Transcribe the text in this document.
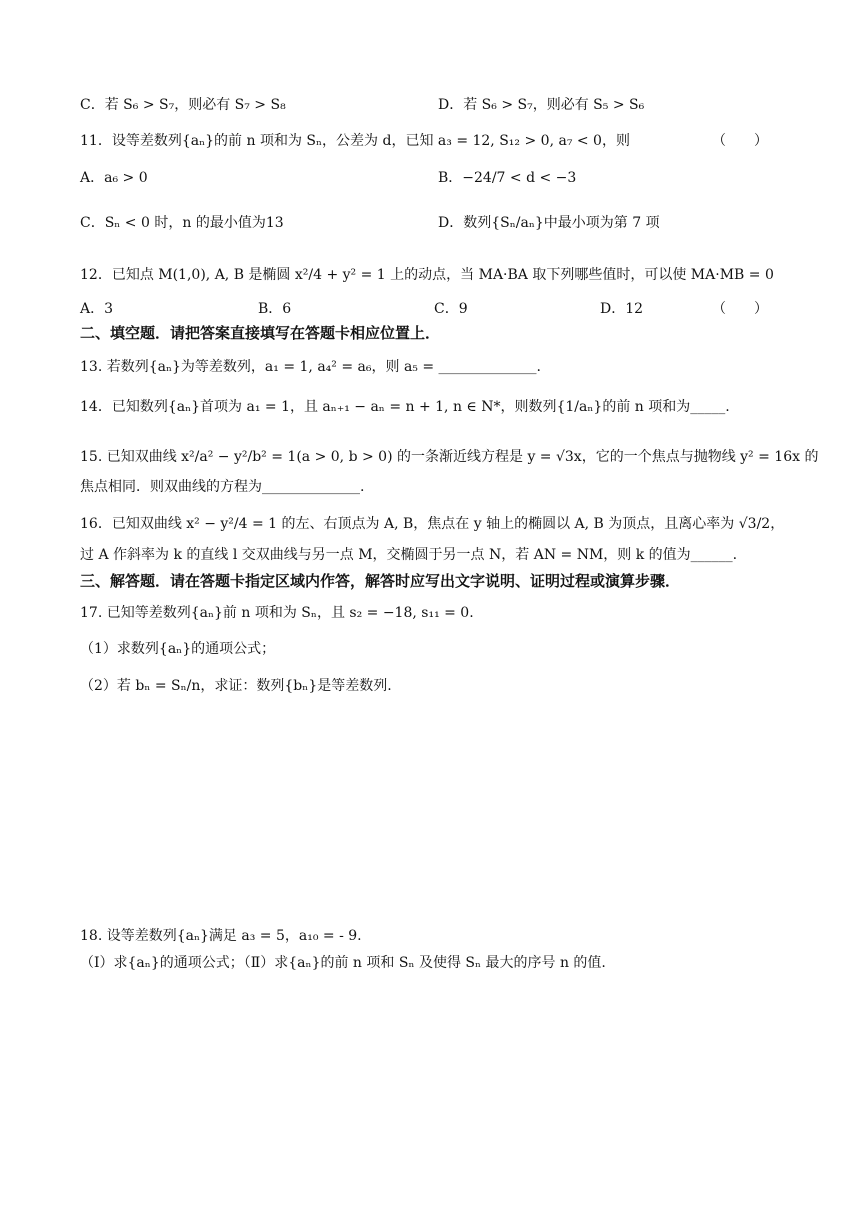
C．若 S₆ > S₇，则必有 S₇ > S₈	D．若 S₆ > S₇，则必有 S₅ > S₆
11．设等差数列{aₙ}的前 n 项和为 Sₙ，公差为 d，已知 a₃ = 12, S₁₂ > 0, a₇ < 0，则	（　　）
A．a₆ > 0	B．−24/7 < d < −3
C．Sₙ < 0 时，n 的最小值为13	D．数列{Sₙ/aₙ}中最小项为第 7 项
12．已知点 M(1,0), A, B 是椭圆 x²/4 + y² = 1 上的动点，当 MA·BA 取下列哪些值时，可以使 MA·MB = 0
A．3	B．6	C．9	D．12	（　　）
二、填空题．请把答案直接填写在答题卡相应位置上．
13. 若数列{aₙ}为等差数列，a₁ = 1, a₄² = a₆，则 a₅ = ______________.
14．已知数列{aₙ}首项为 a₁ = 1，且 aₙ₊₁ − aₙ = n + 1, n ∈ N*，则数列{1/aₙ}的前 n 项和为_____.
15. 已知双曲线 x²/a² − y²/b² = 1(a > 0, b > 0) 的一条渐近线方程是 y = √3x，它的一个焦点与抛物线 y² = 16x 的
焦点相同．则双曲线的方程为______________.
16．已知双曲线 x² − y²/4 = 1 的左、右顶点为 A, B，焦点在 y 轴上的椭圆以 A, B 为顶点，且离心率为 √3/2，
过 A 作斜率为 k 的直线 l 交双曲线与另一点 M，交椭圆于另一点 N，若 AN = NM，则 k 的值为______.
三、解答题．请在答题卡指定区域内作答，解答时应写出文字说明、证明过程或演算步骤．
17. 已知等差数列{aₙ}前 n 项和为 Sₙ，且 s₂ = −18, s₁₁ = 0.
（1）求数列{aₙ}的通项公式；
（2）若 bₙ = Sₙ/n，求证：数列{bₙ}是等差数列.
18. 设等差数列{aₙ}满足 a₃ = 5，a₁₀ = - 9.
（Ⅰ）求{aₙ}的通项公式；（Ⅱ）求{aₙ}的前 n 项和 Sₙ 及使得 Sₙ 最大的序号 n 的值.
